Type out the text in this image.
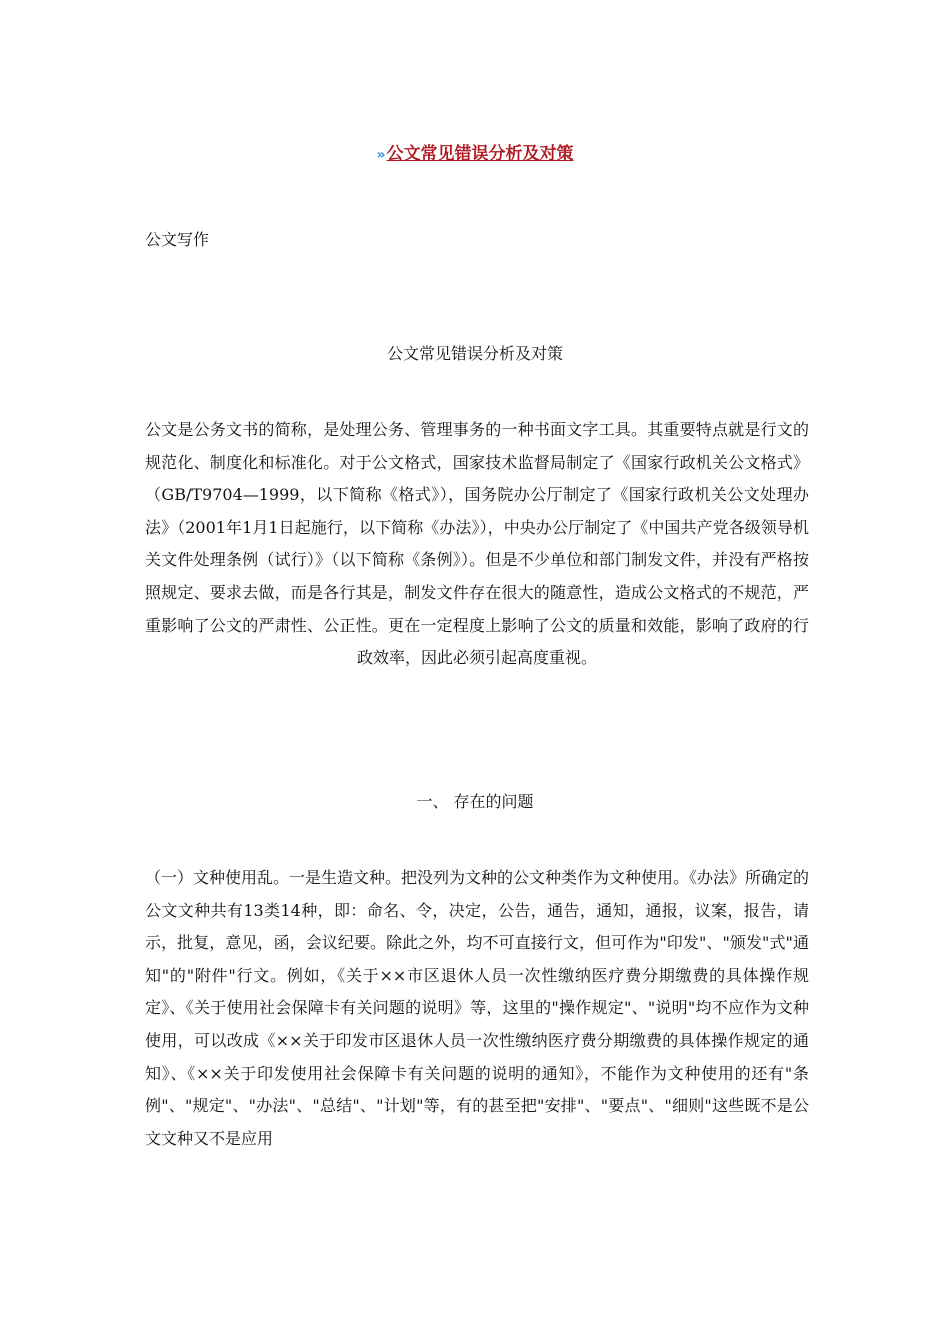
»公文常见错误分析及对策
公文写作
公文常见错误分析及对策
公文是公务文书的简称，是处理公务、管理事务的一种书面文字工具。其重要特点就是行文的规范化、制度化和标准化。对于公文格式，国家技术监督局制定了《国家行政机关公文格式》（GB/T9704—1999，以下简称《格式》），国务院办公厅制定了《国家行政机关公文处理办法》（2001年1月1日起施行，以下简称《办法》），中央办公厅制定了《中国共产党各级领导机关文件处理条例（试行）》（以下简称《条例》）。但是不少单位和部门制发文件，并没有严格按照规定、要求去做，而是各行其是，制发文件存在很大的随意性，造成公文格式的不规范，严重影响了公文的严肃性、公正性。更在一定程度上影响了公文的质量和效能，影响了政府的行政效率，因此必须引起高度重视。
一、 存在的问题
（一）文种使用乱。一是生造文种。把没列为文种的公文种类作为文种使用。《办法》所确定的公文文种共有13类14种，即：命名、令，决定，公告，通告，通知，通报，议案，报告，请示，批复，意见，函，会议纪要。除此之外，均不可直接行文，但可作为"印发"、"颁发"式"通知"的"附件"行文。例如，《关于××市区退休人员一次性缴纳医疗费分期缴费的具体操作规定》、《关于使用社会保障卡有关问题的说明》等，这里的"操作规定"、"说明"均不应作为文种使用，可以改成《××关于印发市区退休人员一次性缴纳医疗费分期缴费的具体操作规定的通知》、《××关于印发使用社会保障卡有关问题的说明的通知》，不能作为文种使用的还有"条例"、"规定"、"办法"、"总结"、"计划"等，有的甚至把"安排"、"要点"、"细则"这些既不是公文文种又不是应用
